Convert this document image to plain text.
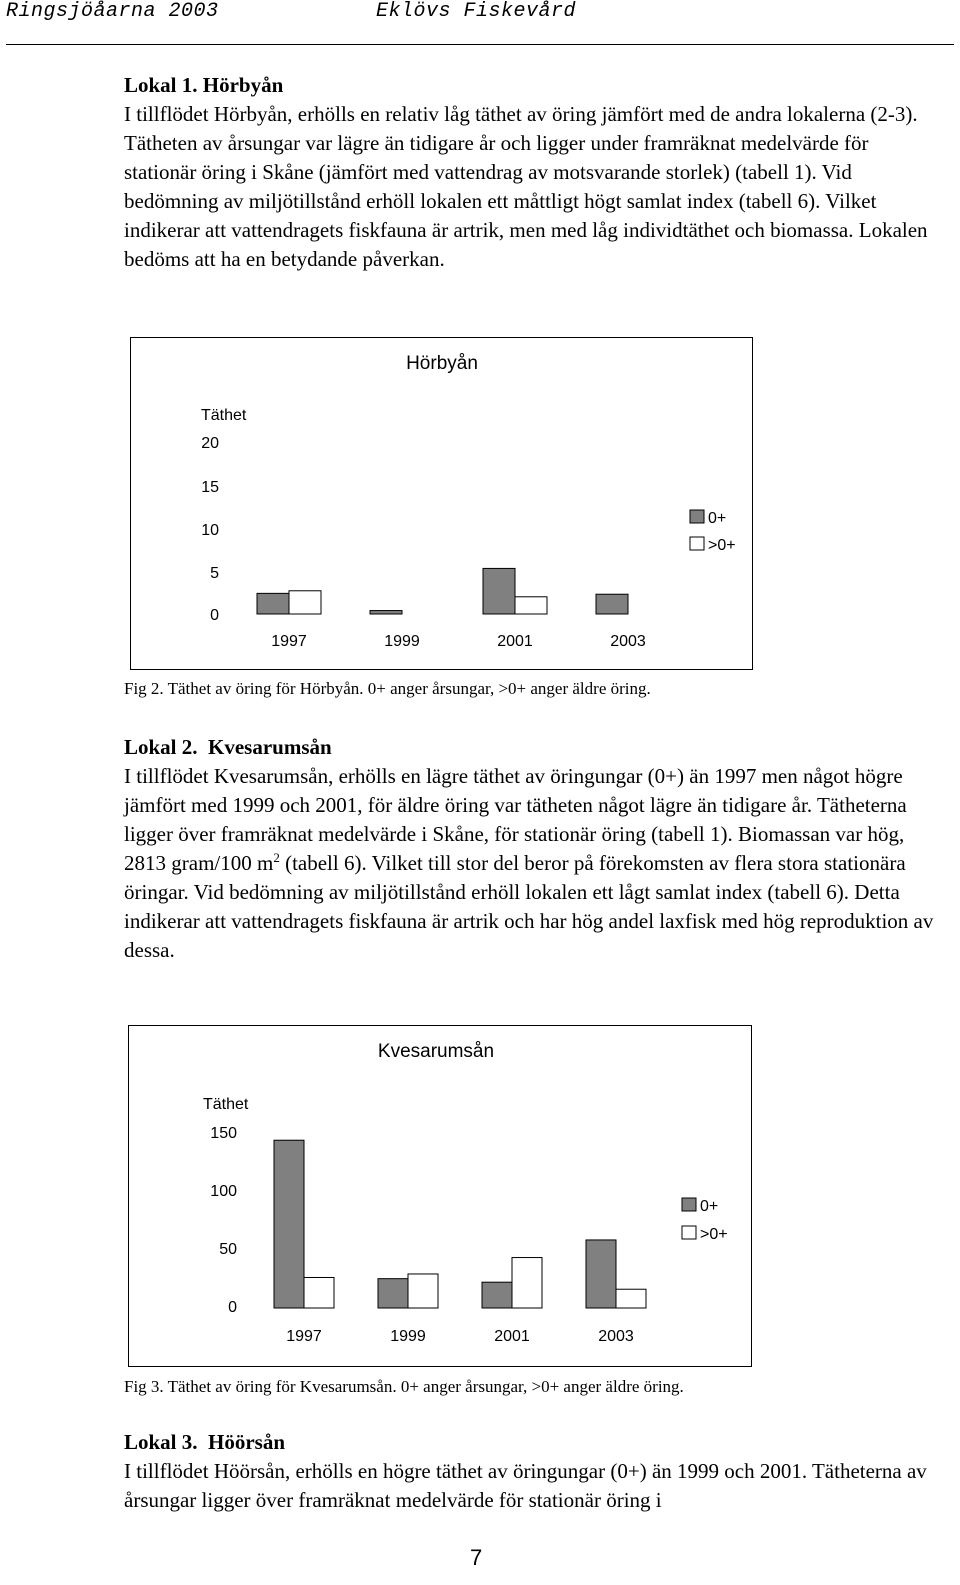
Ringsjöåarna 2003	Eklövs Fiskevård

Lokal 1. Hörbyån

I tillflödet Hörbyån, erhölls en relativ låg täthet av öring jämfört med de andra lokalerna (2-3). Tätheten av årsungar var lägre än tidigare år och ligger under framräknat medelvärde för stationär öring i Skåne (jämfört med vattendrag av motsvarande storlek) (tabell 1). Vid bedömning av miljötillstånd erhöll lokalen ett måttligt högt samlat index (tabell 6). Vilket indikerar att vattendragets fiskfauna är artrik, men med låg individtäthet och biomassa. Lokalen bedöms att ha en betydande påverkan.

Hörbyån
Täthet
20
15
10
5
0
1997	1999	2001	2003
0+
>0+
Fig 2. Täthet av öring för Hörbyån. 0+ anger årsungar, >0+ anger äldre öring.

Lokal 2. Kvesarumsån

I tillflödet Kvesarumsån, erhölls en lägre täthet av öringungar (0+) än 1997 men något högre jämfört med 1999 och 2001, för äldre öring var tätheten något lägre än tidigare år. Tätheterna ligger över framräknat medelvärde i Skåne, för stationär öring (tabell 1). Biomassan var hög, 2813 gram/100 $m^2$ (tabell 6). Vilket till stor del beror på förekomsten av flera stora stationära öringar. Vid bedömning av miljötillstånd erhöll lokalen ett lågt samlat index (tabell 6). Detta indikerar att vattendragets fiskfauna är artrik och har hög andel laxfisk med hög reproduktion av dessa.

Kvesarumsån
Täthet
150
100
50
0
1997	1999	2001	2003
0+
>0+
Fig 3. Täthet av öring för Kvesarumsån. 0+ anger årsungar, >0+ anger äldre öring.

Lokal 3. Höörsån

I tillflödet Höörsån, erhölls en högre täthet av öringungar (0+) än 1999 och 2001. Tätheterna av årsungar ligger över framräknat medelvärde för stationär öring i

7
